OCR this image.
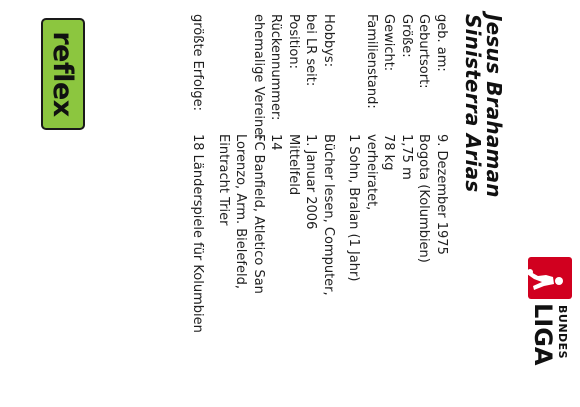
BUNDES
LIGA
Jesus Brahaman
Sinisterra Arias
geb. am:
9. Dezember 1975
Geburtsort:
Bogota (Kolumbien)
Größe:
1,75 m
Gewicht:
78 kg
Familienstand:
verheiratet,
1 Sohn, Bralan (1 Jahr)
Hobbys:
Bücher lesen, Computer,
bei LR seit:
1. Januar 2006
Position:
Mittelfeld
Rückennummer:
14
ehemalige Vereine:
FC Banfield, Atletico San
Lorenzo, Arm. Bielefeld,
Eintracht Trier
größte Erfolge:
18 Länderspiele für Kolumbien
reflex
